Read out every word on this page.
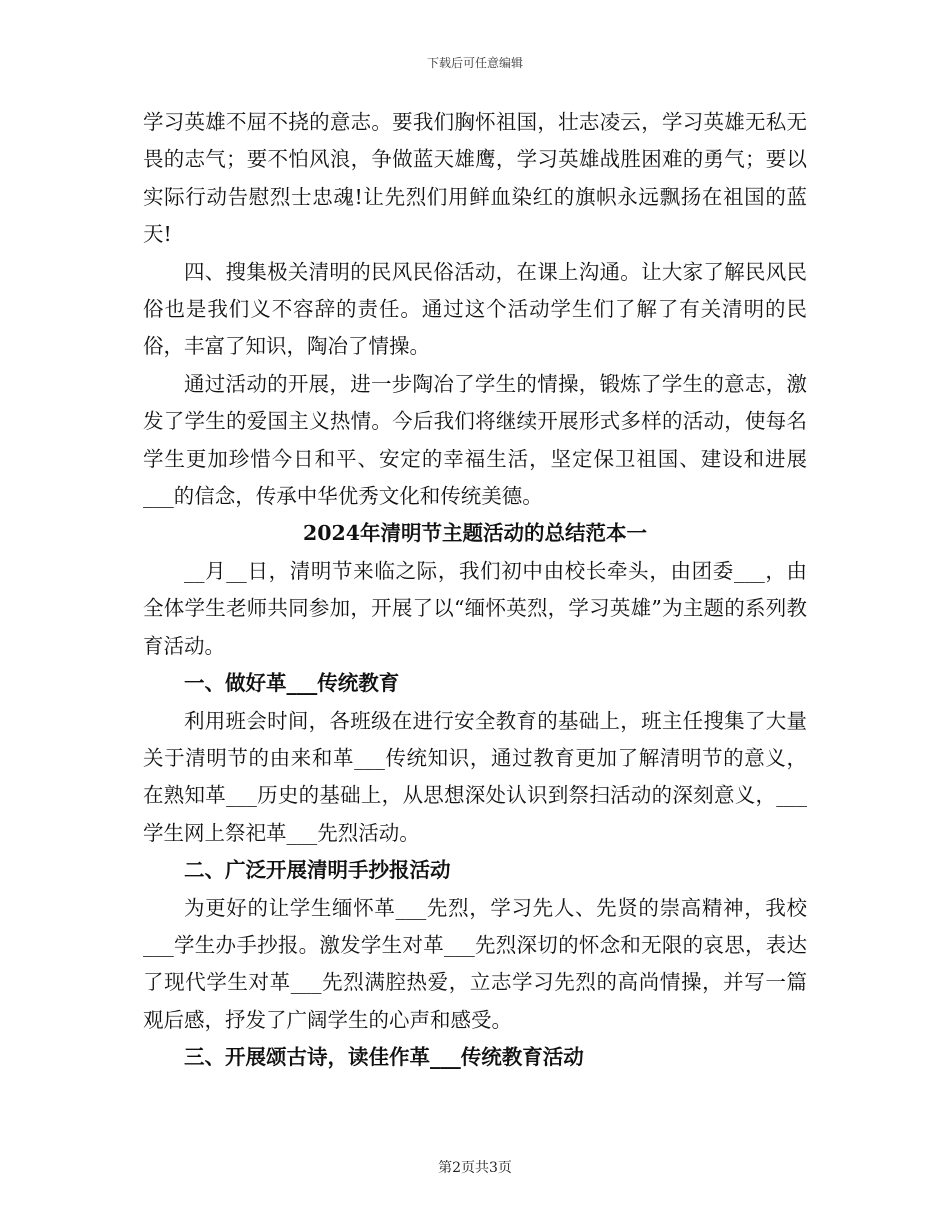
下载后可任意编辑

学习英雄不屈不挠的意志。要我们胸怀祖国，壮志凌云，学习英雄无私无畏的志气；要不怕风浪，争做蓝天雄鹰，学习英雄战胜困难的勇气；要以实际行动告慰烈士忠魂!让先烈们用鲜血染红的旗帜永远飘扬在祖国的蓝天!

四、搜集极关清明的民风民俗活动，在课上沟通。让大家了解民风民俗也是我们义不容辞的责任。通过这个活动学生们了解了有关清明的民俗，丰富了知识，陶冶了情操。

通过活动的开展，进一步陶冶了学生的情操，锻炼了学生的意志，激发了学生的爱国主义热情。今后我们将继续开展形式多样的活动，使每名学生更加珍惜今日和平、安定的幸福生活，坚定保卫祖国、建设和进展___的信念，传承中华优秀文化和传统美德。

2024年清明节主题活动的总结范本一

__月__日，清明节来临之际，我们初中由校长牵头，由团委___，由全体学生老师共同参加，开展了以“缅怀英烈，学习英雄”为主题的系列教育活动。

一、做好革___传统教育

利用班会时间，各班级在进行安全教育的基础上，班主任搜集了大量关于清明节的由来和革___传统知识，通过教育更加了解清明节的意义，在熟知革___历史的基础上，从思想深处认识到祭扫活动的深刻意义，___学生网上祭祀革___先烈活动。

二、广泛开展清明手抄报活动

为更好的让学生缅怀革___先烈，学习先人、先贤的崇高精神，我校___学生办手抄报。激发学生对革___先烈深切的怀念和无限的哀思，表达了现代学生对革___先烈满腔热爱，立志学习先烈的高尚情操，并写一篇观后感，抒发了广阔学生的心声和感受。

三、开展颂古诗，读佳作革___传统教育活动

第2页共3页
